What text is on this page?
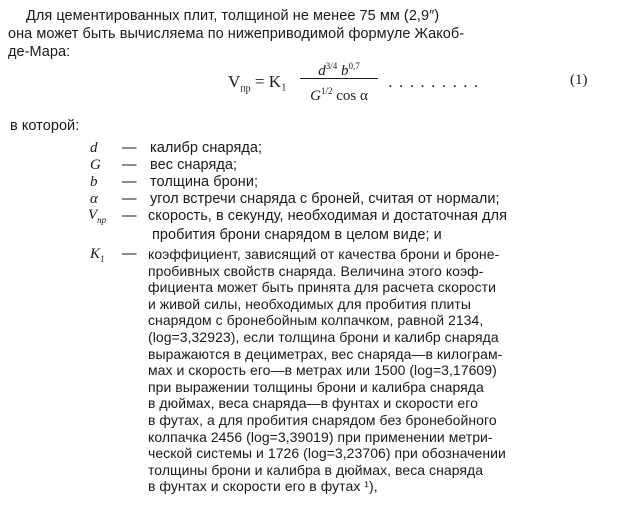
Для цементированных плит, толщиной не менее 75 мм (2,9″)
она может быть вычисляема по нижеприводимой формуле Жакоб-
де-Мара:
$V_{пр} = K_1$
$d^{3/4}$ $b^{0,7}$
$G^{1/2}$ cos α
.........	(1)
в которой:
d — калибр снаряда;
G — вес снаряда;
b — толщина брони;
α — угол встречи снаряда с броней, считая от нормали;
$V_{пр}$ — скорость, в секунду, необходимая и достаточная для
пробития брони снарядом в целом виде; и
$K_1$ — коэффициент, зависящий от качества брони и броне-
пробивных свойств снаряда. Величина этого коэф-
фициента может быть принята для расчета скорости
и живой силы, необходимых для пробития плиты
снарядом с бронебойным колпачком, равной 2134,
(log=3,32923), если толщина брони и калибр снаряда
выражаются в дециметрах, вес снаряда—в килограм-
мах и скорость его—в метрах или 1500 (log=3,17609)
при выражении толщины брони и калибра снаряда
в дюймах, веса снаряда—в фунтах и скорости его
в футах, а для пробития снарядом без бронебойного
колпачка 2456 (log=3,39019) при применении метри-
ческой системы и 1726 (log=3,23706) при обозначении
толщины брони и калибра в дюймах, веса снаряда
в фунтах и скорости его в футах ¹),
